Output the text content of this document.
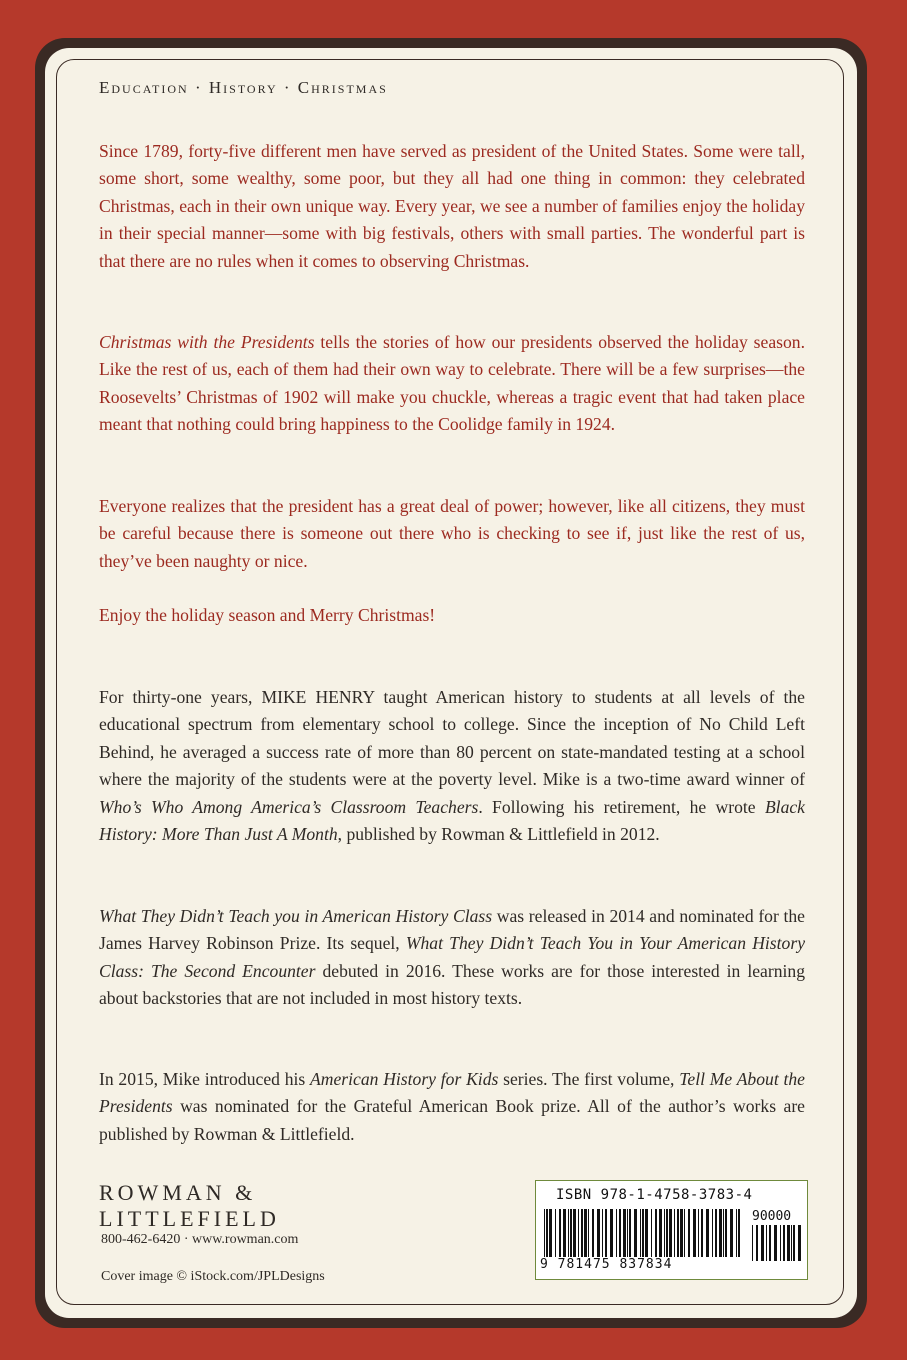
Education · History · Christmas

Since 1789, forty-five different men have served as president of the United States. Some were tall, some short, some wealthy, some poor, but they all had one thing in common: they celebrated Christmas, each in their own unique way. Every year, we see a number of families enjoy the holiday in their special manner—some with big festivals, others with small parties. The wonderful part is that there are no rules when it comes to observing Christmas.

Christmas with the Presidents tells the stories of how our presidents observed the holiday season. Like the rest of us, each of them had their own way to celebrate. There will be a few surprises—the Roosevelts’ Christmas of 1902 will make you chuckle, whereas a tragic event that had taken place meant that nothing could bring happiness to the Coolidge family in 1924.

Everyone realizes that the president has a great deal of power; however, like all citizens, they must be careful because there is someone out there who is checking to see if, just like the rest of us, they’ve been naughty or nice.

Enjoy the holiday season and Merry Christmas!

For thirty-one years, MIKE HENRY taught American history to students at all levels of the educational spectrum from elementary school to college. Since the inception of No Child Left Behind, he averaged a success rate of more than 80 percent on state-mandated testing at a school where the majority of the students were at the poverty level. Mike is a two-time award winner of Who’s Who Among America’s Classroom Teachers. Following his retirement, he wrote Black History: More Than Just A Month, published by Rowman & Littlefield in 2012.

What They Didn’t Teach you in American History Class was released in 2014 and nominated for the James Harvey Robinson Prize. Its sequel, What They Didn’t Teach You in Your American History Class: The Second Encounter debuted in 2016. These works are for those interested in learning about backstories that are not included in most history texts.

In 2015, Mike introduced his American History for Kids series. The first volume, Tell Me About the Presidents was nominated for the Grateful American Book prize. All of the author’s works are published by Rowman & Littlefield.

ROWMAN &
LITTLEFIELD
800-462-6420 · www.rowman.com
Cover image © iStock.com/JPLDesigns
ISBN 978-1-4758-3783-4
90000
9 781475 837834
